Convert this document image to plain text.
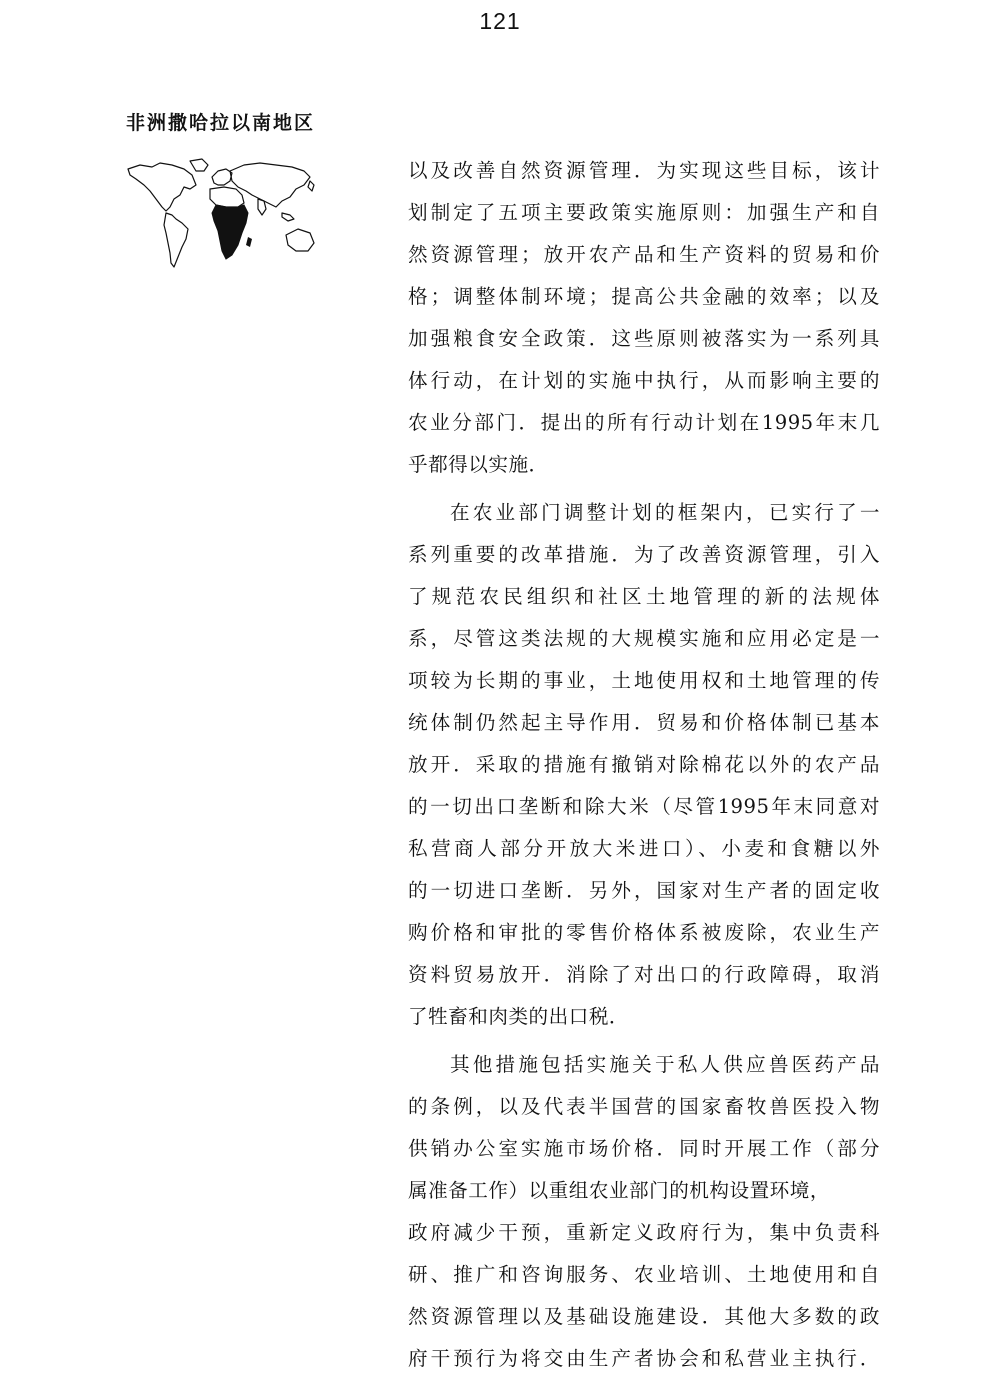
121
非洲撒哈拉以南地区
以及改善自然资源管理．为实现这些目标，该计
划制定了五项主要政策实施原则：加强生产和自
然资源管理；放开农产品和生产资料的贸易和价
格；调整体制环境；提高公共金融的效率；以及
加强粮食安全政策．这些原则被落实为一系列具
体行动，在计划的实施中执行，从而影响主要的
农业分部门．提出的所有行动计划在1995年末几
乎都得以实施．
在农业部门调整计划的框架内，已实行了一
系列重要的改革措施．为了改善资源管理，引入
了规范农民组织和社区土地管理的新的法规体
系，尽管这类法规的大规模实施和应用必定是一
项较为长期的事业，土地使用权和土地管理的传
统体制仍然起主导作用．贸易和价格体制已基本
放开．采取的措施有撤销对除棉花以外的农产品
的一切出口垄断和除大米（尽管1995年末同意对
私营商人部分开放大米进口）、小麦和食糖以外
的一切进口垄断．另外，国家对生产者的固定收
购价格和审批的零售价格体系被废除，农业生产
资料贸易放开．消除了对出口的行政障碍，取消
了牲畜和肉类的出口税．
其他措施包括实施关于私人供应兽医药产品
的条例，以及代表半国营的国家畜牧兽医投入物
供销办公室实施市场价格．同时开展工作（部分
属准备工作）以重组农业部门的机构设置环境，
政府减少干预，重新定义政府行为，集中负责科
研、推广和咨询服务、农业培训、土地使用和自
然资源管理以及基础设施建设．其他大多数的政
府干预行为将交由生产者协会和私营业主执行．
